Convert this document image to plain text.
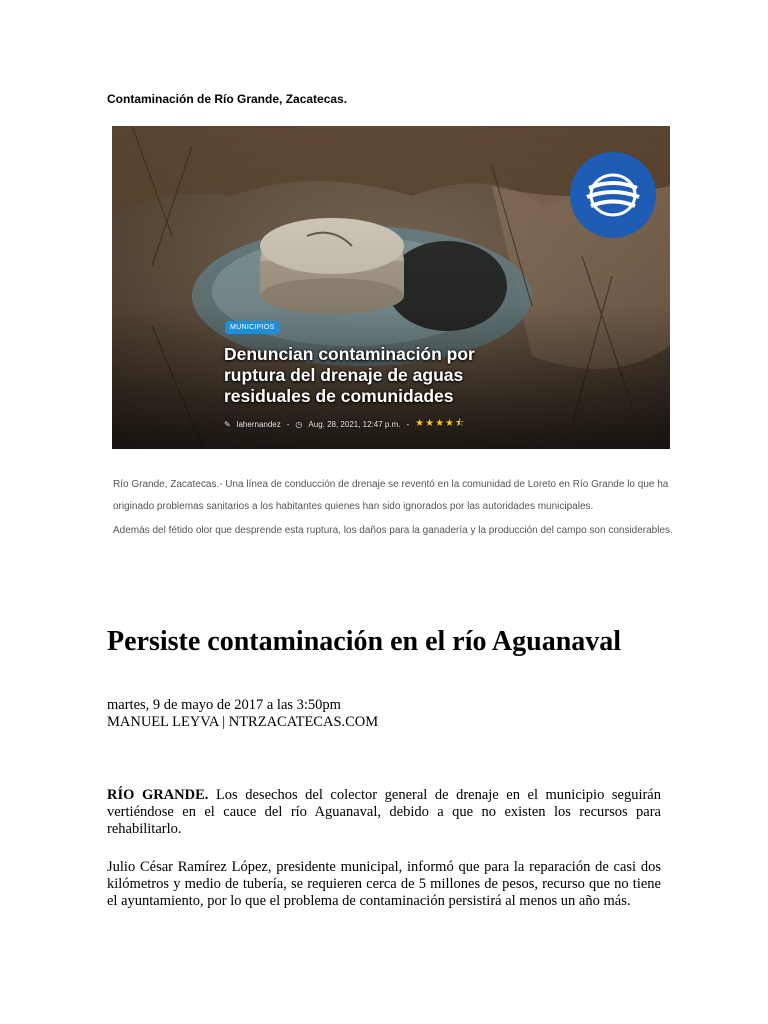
Contaminación de Río Grande, Zacatecas.
MUNICIPIOS
Denuncian contaminación por ruptura del drenaje de aguas residuales de comunidades
✎ lahernandez - ◷ Aug. 28, 2021, 12:47 p.m. - ★★★★⯪

Río Grande, Zacatecas.- Una línea de conducción de drenaje se reventó en la comunidad de Loreto en Río Grande lo que ha originado problemas sanitarios a los habitantes quienes han sido ignorados por las autoridades municipales.

Además del fétido olor que desprende esta ruptura, los daños para la ganadería y la producción del campo son considerables.

Persiste contaminación en el río Aguanaval
martes, 9 de mayo de 2017 a las 3:50pm
MANUEL LEYVA | NTRZACATECAS.COM

RÍO GRANDE. Los desechos del colector general de drenaje en el municipio seguirán vertiéndose en el cauce del río Aguanaval, debido a que no existen los recursos para rehabilitarlo.

Julio César Ramírez López, presidente municipal, informó que para la reparación de casi dos kilómetros y medio de tubería, se requieren cerca de 5 millones de pesos, recurso que no tiene el ayuntamiento, por lo que el problema de contaminación persistirá al menos un año más.
